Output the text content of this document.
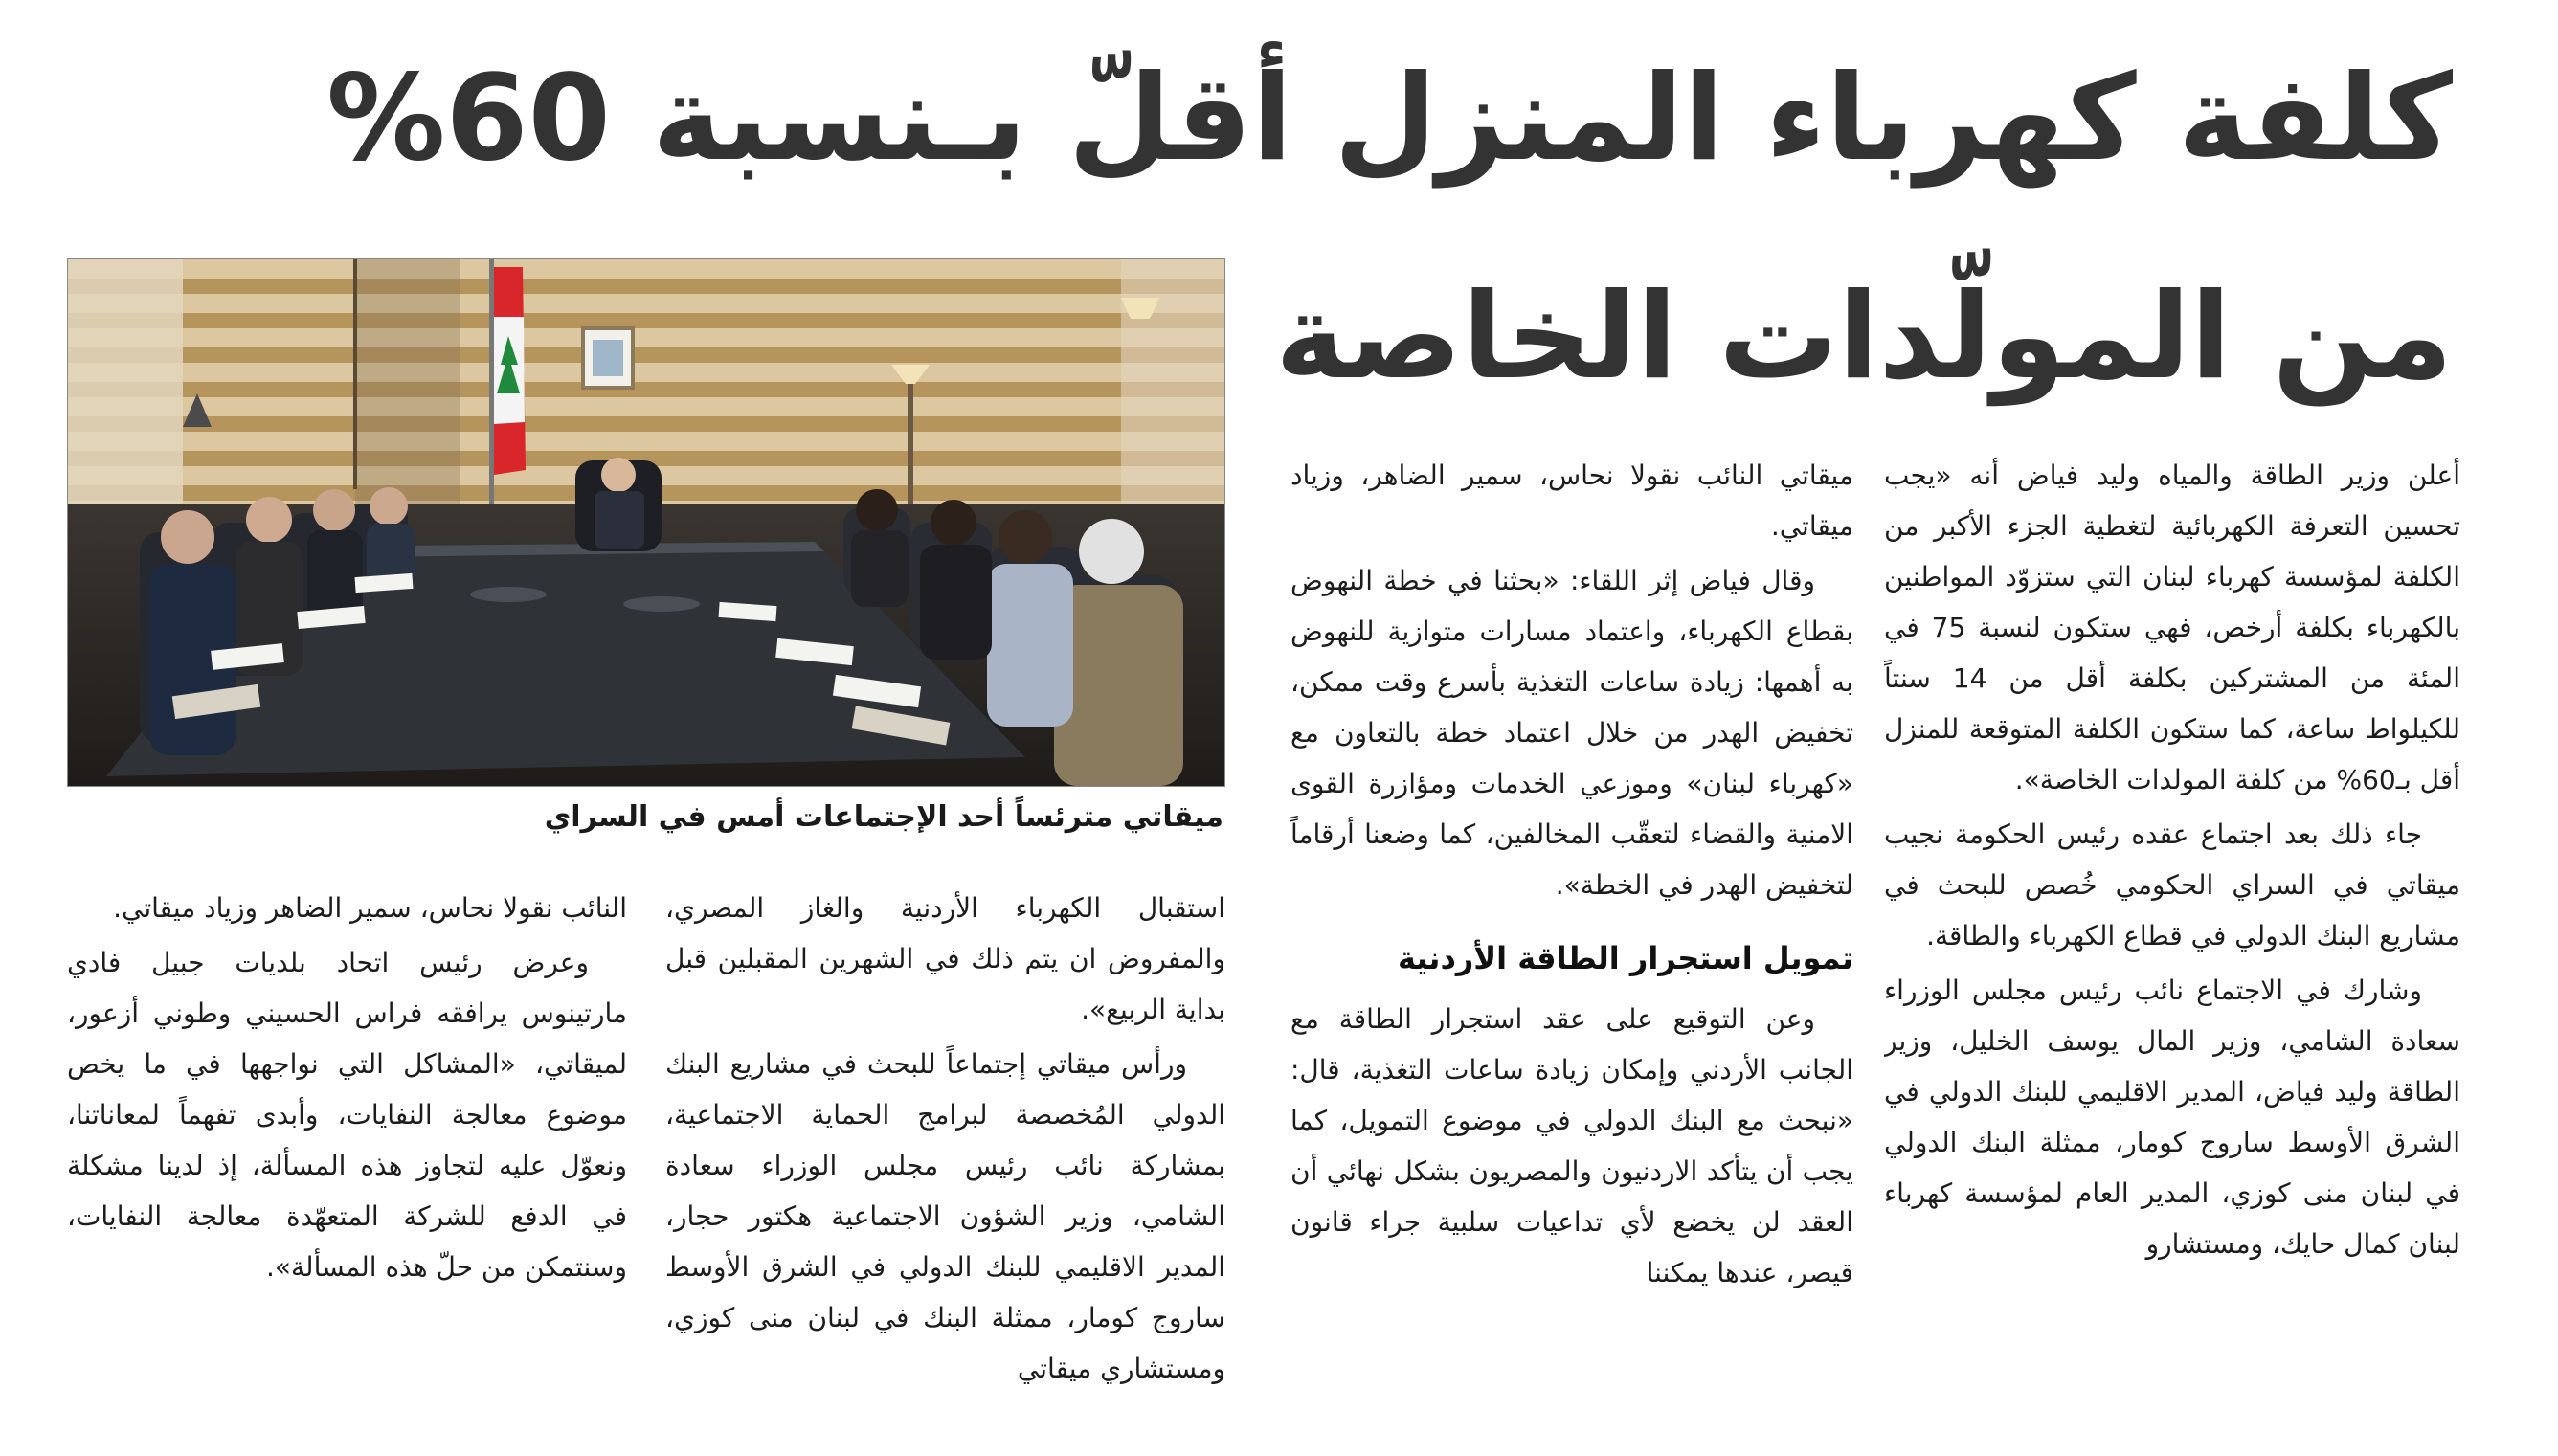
كلفة كهرباء المنزل أقلّ بـنسبة 60%
من المولّدات الخاصة

ميقاتي مترئساً أحد الإجتماعات أمس في السراي

أعلن وزير الطاقة والمياه وليد فياض أنه «يجب تحسين التعرفة الكهربائية لتغطية الجزء الأكبر من الكلفة لمؤسسة كهرباء لبنان التي ستزوّد المواطنين بالكهرباء بكلفة أرخص، فهي ستكون لنسبة 75 في المئة من المشتركين بكلفة أقل من 14 سنتاً للكيلواط ساعة، كما ستكون الكلفة المتوقعة للمنزل أقل بـ60% من كلفة المولدات الخاصة».

جاء ذلك بعد اجتماع عقده رئيس الحكومة نجيب ميقاتي في السراي الحكومي خُصص للبحث في مشاريع البنك الدولي في قطاع الكهرباء والطاقة.

وشارك في الاجتماع نائب رئيس مجلس الوزراء سعادة الشامي، وزير المال يوسف الخليل، وزير الطاقة وليد فياض، المدير الاقليمي للبنك الدولي في الشرق الأوسط ساروج كومار، ممثلة البنك الدولي في لبنان منى كوزي، المدير العام لمؤسسة كهرباء لبنان كمال حايك، ومستشارو

ميقاتي النائب نقولا نحاس، سمير الضاهر، وزياد ميقاتي.

وقال فياض إثر اللقاء: «بحثنا في خطة النهوض بقطاع الكهرباء، واعتماد مسارات متوازية للنهوض به أهمها: زيادة ساعات التغذية بأسرع وقت ممكن، تخفيض الهدر من خلال اعتماد خطة بالتعاون مع «كهرباء لبنان» وموزعي الخدمات ومؤازرة القوى الامنية والقضاء لتعقّب المخالفين، كما وضعنا أرقاماً لتخفيض الهدر في الخطة».

تمويل استجرار الطاقة الأردنية

وعن التوقيع على عقد استجرار الطاقة مع الجانب الأردني وإمكان زيادة ساعات التغذية، قال: «نبحث مع البنك الدولي في موضوع التمويل، كما يجب أن يتأكد الاردنيون والمصريون بشكل نهائي أن العقد لن يخضع لأي تداعيات سلبية جراء قانون قيصر، عندها يمكننا

استقبال الكهرباء الأردنية والغاز المصري، والمفروض ان يتم ذلك في الشهرين المقبلين قبل بداية الربيع».

ورأس ميقاتي إجتماعاً للبحث في مشاريع البنك الدولي المُخصصة لبرامج الحماية الاجتماعية، بمشاركة نائب رئيس مجلس الوزراء سعادة الشامي، وزير الشؤون الاجتماعية هكتور حجار، المدير الاقليمي للبنك الدولي في الشرق الأوسط ساروج كومار، ممثلة البنك في لبنان منى كوزي، ومستشاري ميقاتي

النائب نقولا نحاس، سمير الضاهر وزياد ميقاتي.

وعرض رئيس اتحاد بلديات جبيل فادي مارتينوس يرافقه فراس الحسيني وطوني أزعور، لميقاتي، «المشاكل التي نواجهها في ما يخص موضوع معالجة النفايات، وأبدى تفهماً لمعاناتنا، ونعوّل عليه لتجاوز هذه المسألة، إذ لدينا مشكلة في الدفع للشركة المتعهّدة معالجة النفايات، وسنتمكن من حلّ هذه المسألة».
